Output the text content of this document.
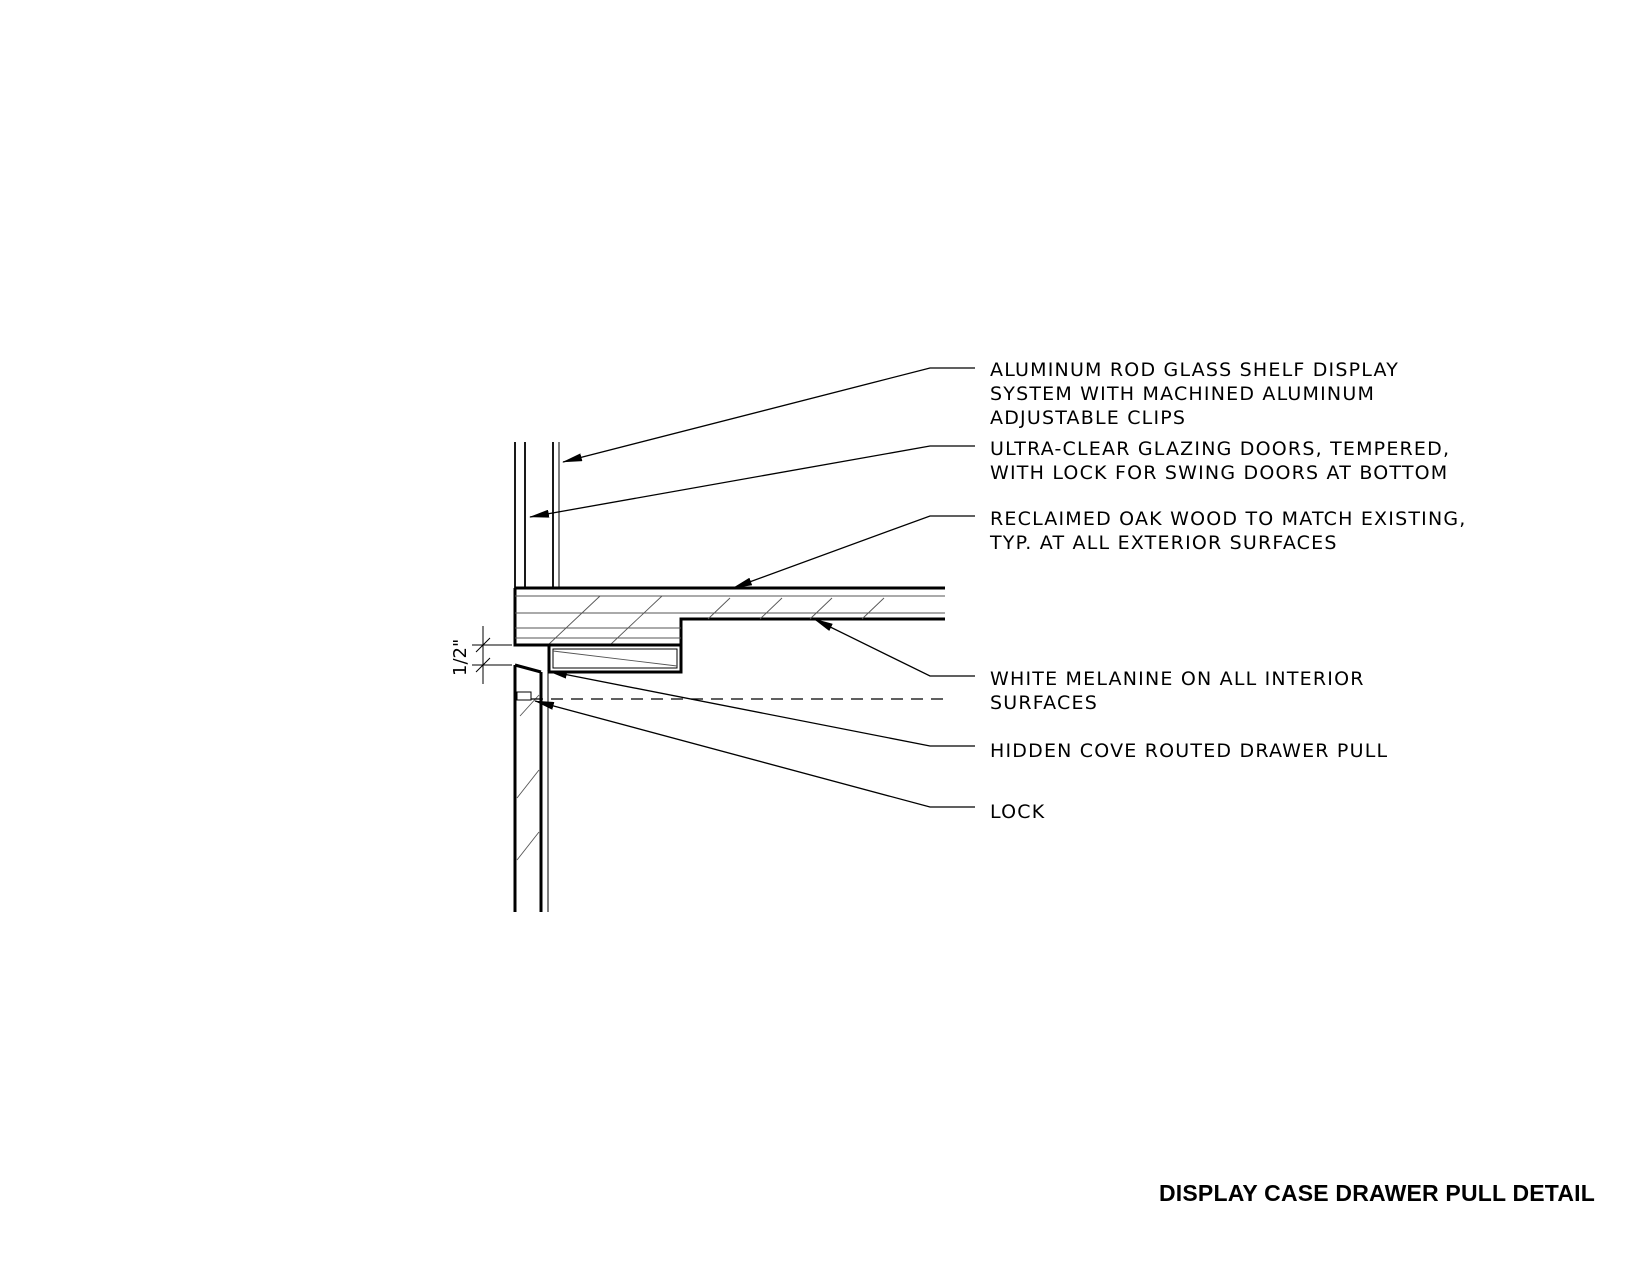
1/2"
ALUMINUM ROD GLASS SHELF DISPLAY SYSTEM WITH MACHINED ALUMINUM ADJUSTABLE CLIPS
ULTRA-CLEAR GLAZING DOORS, TEMPERED, WITH LOCK FOR SWING DOORS AT BOTTOM
RECLAIMED OAK WOOD TO MATCH EXISTING, TYP. AT ALL EXTERIOR SURFACES
WHITE MELANINE ON ALL INTERIOR SURFACES
HIDDEN COVE ROUTED DRAWER PULL
LOCK
DISPLAY CASE DRAWER PULL DETAIL
